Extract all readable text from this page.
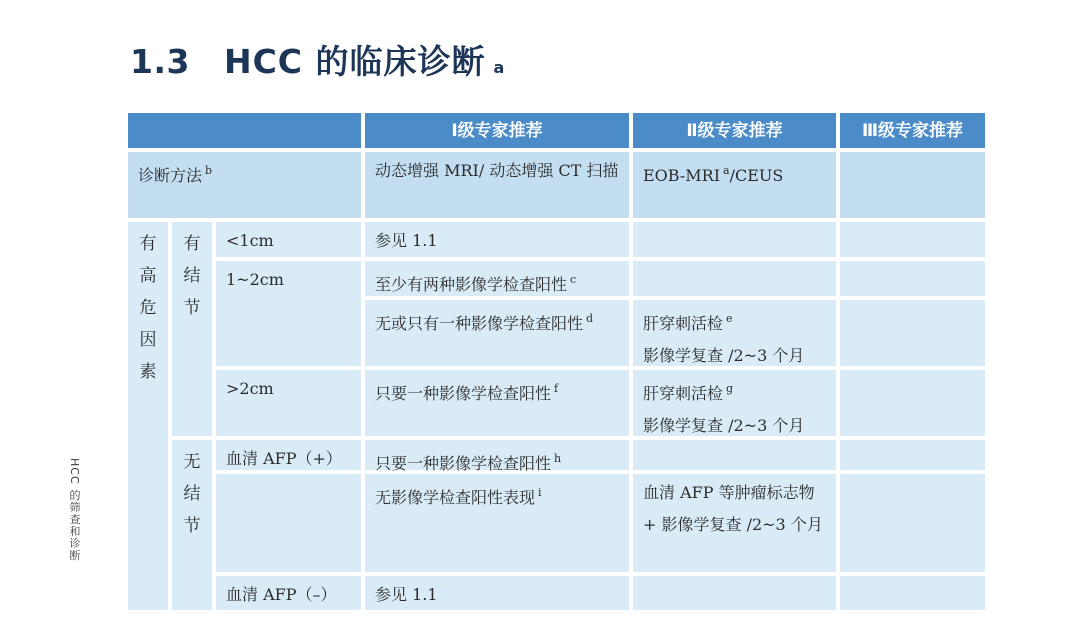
1.3 HCC 的临床诊断 a
HCC 的筛查和诊断
Ⅰ级专家推荐	Ⅱ级专家推荐	Ⅲ级专家推荐
诊断方法 $^b$	动态增强 MRI/ 动态增强 CT 扫描	EOB-MRI $^a$/CEUS
有
高
危
因
素
有
结
节
无
结
节
<1cm	参见 1.1
1~2cm	至少有两种影像学检查阳性 $^c$
无或只有一种影像学检查阳性 $^d$	肝穿刺活检 $^e$
影像学复查 /2~3 个月
>2cm	只要一种影像学检查阳性 $^f$	肝穿刺活检 $^g$
影像学复查 /2~3 个月
血清 AFP（+）	只要一种影像学检查阳性 $^h$
无影像学检查阳性表现 $^i$	血清 AFP 等肿瘤标志物 + 影像学复查 /2~3 个月
血清 AFP（–）	参见 1.1
